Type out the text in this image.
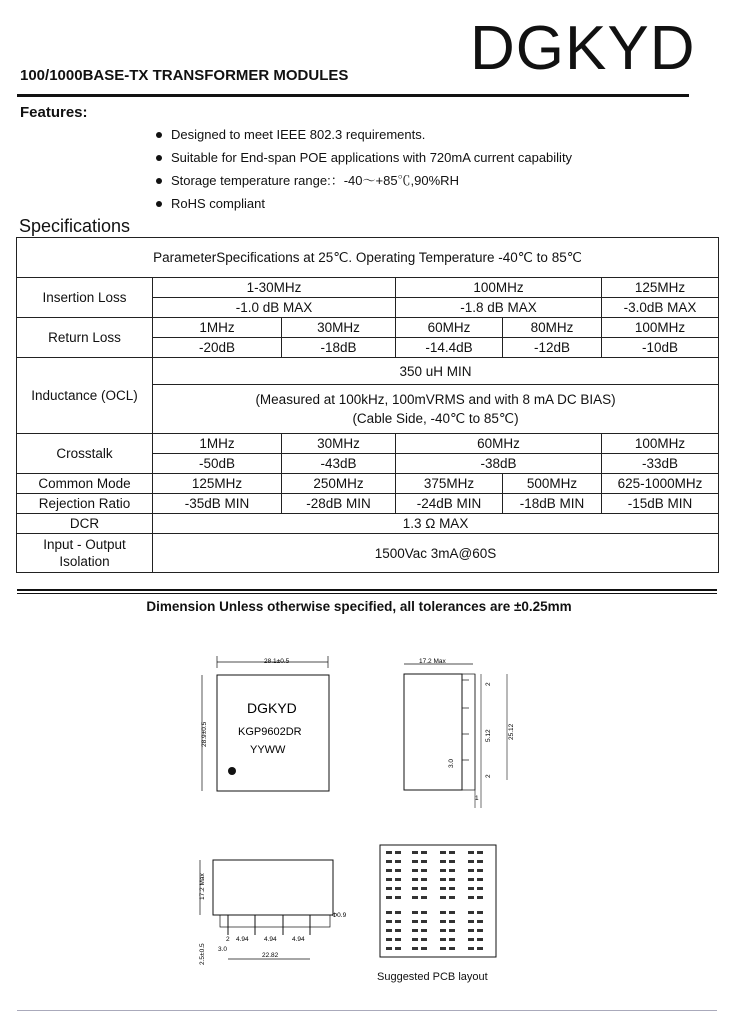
DGKYD
100/1000BASE-TX TRANSFORMER MODULES
Features:
Designed to meet IEEE 802.3 requirements.
Suitable for End-span POE applications with 720mA current capability
Storage temperature range:：-40～+85℃,90%RH
RoHS compliant
Specifications
ParameterSpecifications at 25℃. Operating Temperature -40℃ to 85℃					
Insertion Loss	1-30MHz		100MHz		125MHz
	-1.0 dB MAX		-1.8 dB MAX		-3.0dB MAX
Return Loss	1MHz	30MHz	60MHz	80MHz	100MHz
	-20dB	-18dB	-14.4dB	-12dB	-10dB
Inductance (OCL)	350 uH MIN				

	(Measured at 100kHz, 100mVRMS and with 8 mA DC BIAS)
(Cable Side, -40℃ to 85℃)				

Crosstalk	1MHz	30MHz	60MHz		100MHz
	-50dB	-43dB	-38dB		-33dB
Common Mode	125MHz	250MHz	375MHz	500MHz	625-1000MHz
Rejection Ratio	-35dB MIN	-28dB MIN	-24dB MIN	-18dB MIN	-15dB MIN
DCR	1.3 Ω MAX				

Input - Output
Isolation	1500Vac 3mA@60S				
Dimension Unless otherwise specified, all tolerances are ±0.25mm
28.1±0.5
28.9±0.5
DGKYD
KGP9602DR
YYWW
17.2 Max
2
5.12 25.12
3.0
2
1
17.2 Max
4.94 4.94 4.94
2
3.0
2.5±0.5	22.82
Φ0.9
Suggested PCB layout
